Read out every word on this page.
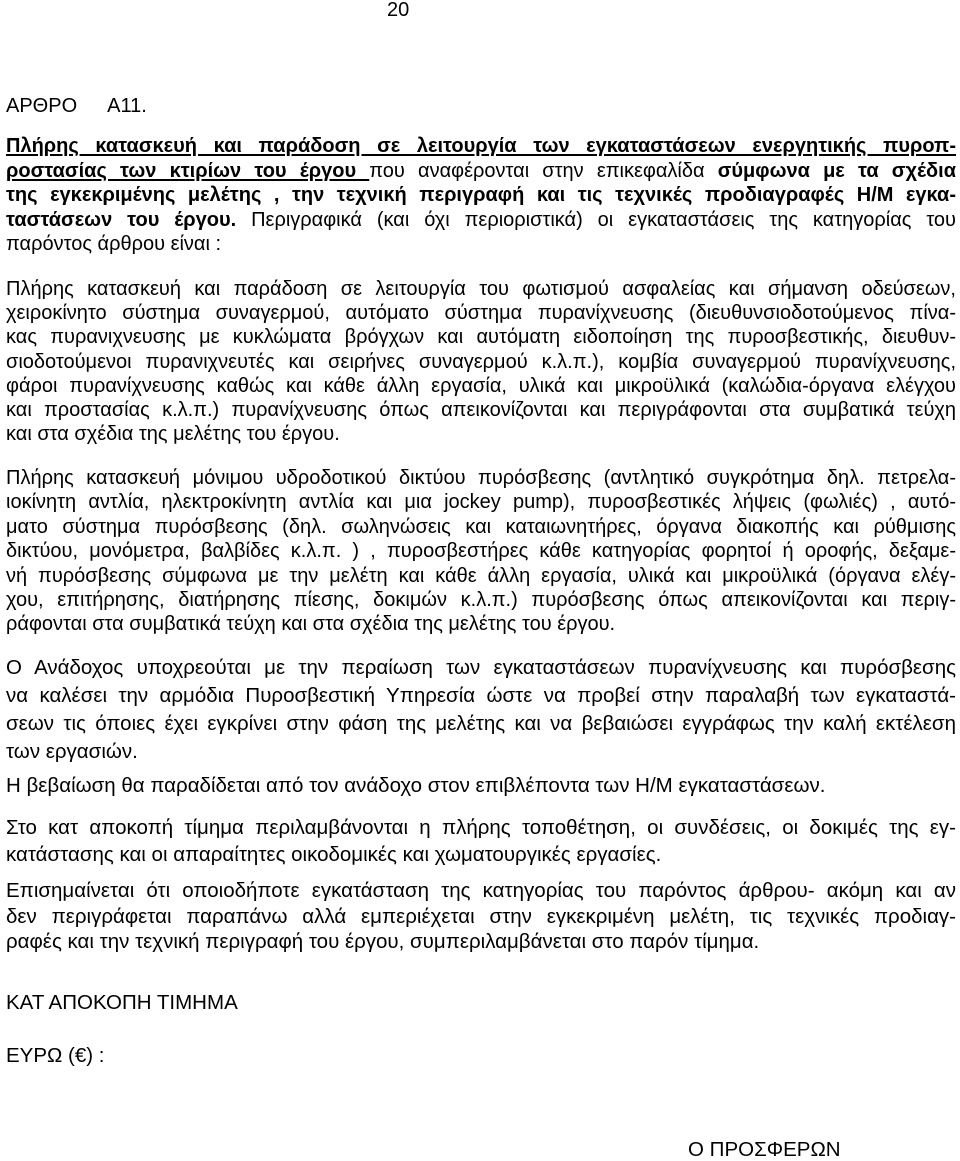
20
ΑΡΘΡΟ Α11.
Πλήρης κατασκευή και παράδοση σε λειτουργία των εγκαταστάσεων ενεργητικής πυροπ-
ροστασίας των κτιρίων του έργου που αναφέρονται στην επικεφαλίδα σύμφωνα με τα σχέδια
της εγκεκριμένης μελέτης , την τεχνική περιγραφή και τις τεχνικές προδιαγραφές Η/Μ εγκα-
ταστάσεων του έργου. Περιγραφικά (και όχι περιοριστικά) οι εγκαταστάσεις της κατηγορίας του
παρόντος άρθρου είναι :
Πλήρης κατασκευή και παράδοση σε λειτουργία του φωτισμού ασφαλείας και σήμανση οδεύσεων,
χειροκίνητο σύστημα συναγερμού, αυτόματο σύστημα πυρανίχνευσης (διευθυνσιοδοτούμενος πίνα-
κας πυρανιχνευσης με κυκλώματα βρόγχων και αυτόματη ειδοποίηση της πυροσβεστικής, διευθυν-
σιοδοτούμενοι πυρανιχνευτές και σειρήνες συναγερμού κ.λ.π.), κομβία συναγερμού πυρανίχνευσης,
φάροι πυρανίχνευσης καθώς και κάθε άλλη εργασία, υλικά και μικροϋλικά (καλώδια-όργανα ελέγχου
και προστασίας κ.λ.π.) πυρανίχνευσης όπως απεικονίζονται και περιγράφονται στα συμβατικά τεύχη
και στα σχέδια της μελέτης του έργου.
Πλήρης κατασκευή μόνιμου υδροδοτικού δικτύου πυρόσβεσης (αντλητικό συγκρότημα δηλ. πετρελα-
ιοκίνητη αντλία, ηλεκτροκίνητη αντλία και μια jockey pump), πυροσβεστικές λήψεις (φωλιές) , αυτό-
ματο σύστημα πυρόσβεσης (δηλ. σωληνώσεις και καταιωνητήρες, όργανα διακοπής και ρύθμισης
δικτύου, μονόμετρα, βαλβίδες κ.λ.π. ) , πυροσβεστήρες κάθε κατηγορίας φορητοί ή οροφής, δεξαμε-
νή πυρόσβεσης σύμφωνα με την μελέτη και κάθε άλλη εργασία, υλικά και μικροϋλικά (όργανα ελέγ-
χου, επιτήρησης, διατήρησης πίεσης, δοκιμών κ.λ.π.) πυρόσβεσης όπως απεικονίζονται και περιγ-
ράφονται στα συμβατικά τεύχη και στα σχέδια της μελέτης του έργου.
Ο Ανάδοχος υποχρεούται με την περαίωση των εγκαταστάσεων πυρανίχνευσης και πυρόσβεσης
να καλέσει την αρμόδια Πυροσβεστική Υπηρεσία ώστε να προβεί στην παραλαβή των εγκαταστά-
σεων τις όποιες έχει εγκρίνει στην φάση της μελέτης και να βεβαιώσει εγγράφως την καλή εκτέλεση
των εργασιών.
Η βεβαίωση θα παραδίδεται από τον ανάδοχο στον επιβλέποντα των Η/Μ εγκαταστάσεων.
Στο κατ αποκοπή τίμημα περιλαμβάνονται η πλήρης τοποθέτηση, οι συνδέσεις, οι δοκιμές της εγ-
κατάστασης και οι απαραίτητες οικοδομικές και χωματουργικές εργασίες.
Επισημαίνεται ότι οποιοδήποτε εγκατάσταση της κατηγορίας του παρόντος άρθρου- ακόμη και αν
δεν περιγράφεται παραπάνω αλλά εμπεριέχεται στην εγκεκριμένη μελέτη, τις τεχνικές προδιαγ-
ραφές και την τεχνική περιγραφή του έργου, συμπεριλαμβάνεται στο παρόν τίμημα.
ΚΑΤ ΑΠΟΚΟΠΗ ΤΙΜΗΜΑ
ΕΥΡΩ (€) :
Ο ΠΡΟΣΦΕΡΩΝ
